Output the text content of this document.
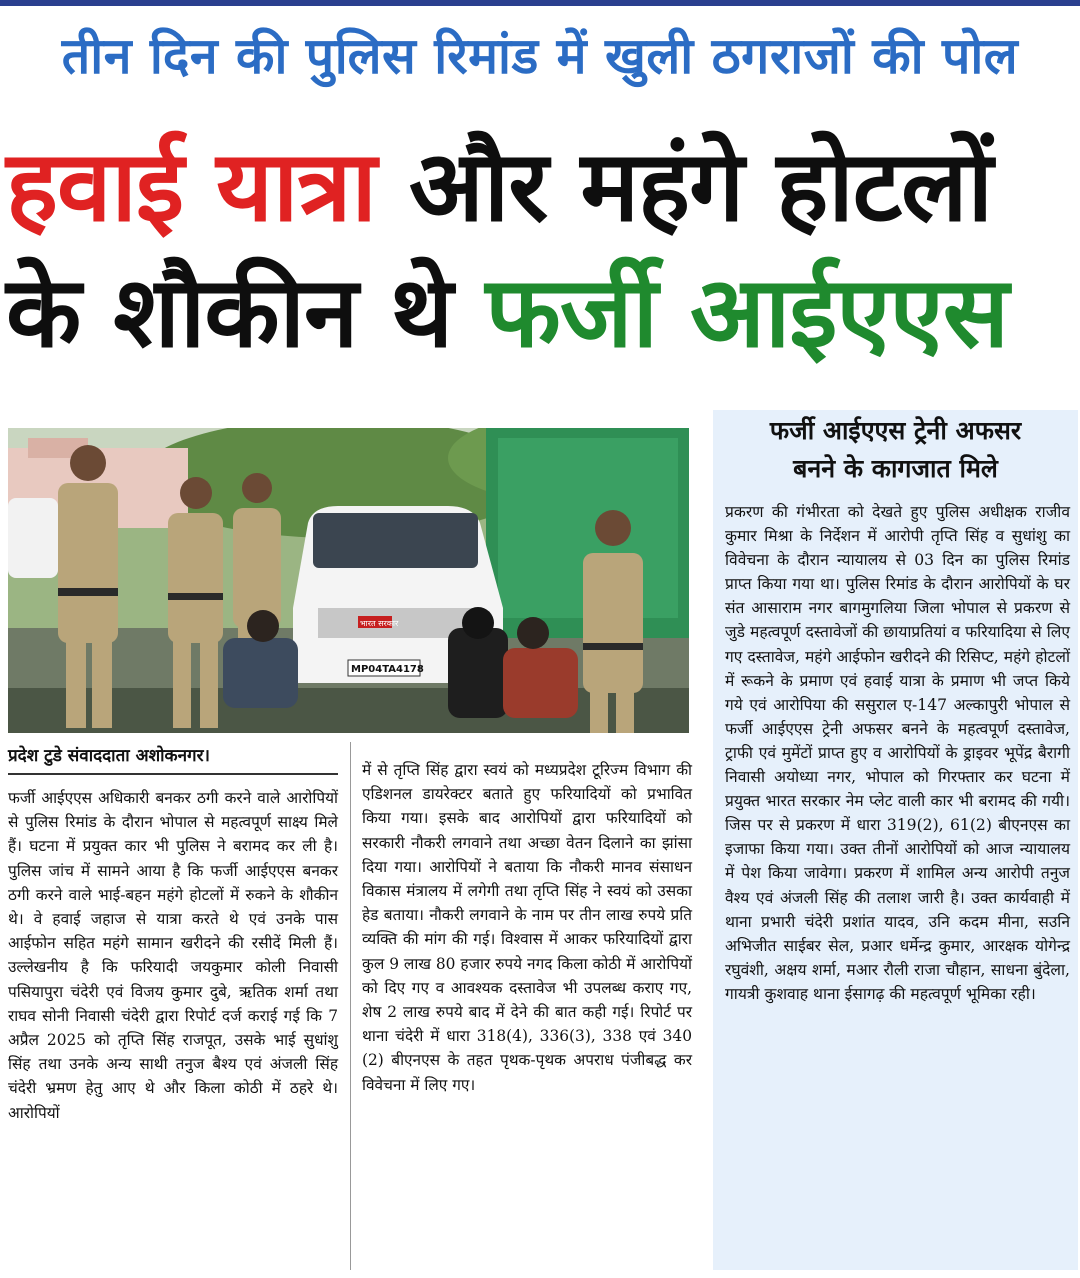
तीन दिन की पुलिस रिमांड में खुली ठगराजों की पोल
हवाई यात्रा और महंगे होटलों
के शौकीन थे फर्जी आईएएस
भारत सरकार
MP04TA4178
फर्जी आईएएस ट्रेनी अफसर
बनने के कागजात मिले
प्रकरण की गंभीरता को देखते हुए पुलिस अधीक्षक राजीव कुमार मिश्रा के निर्देशन में आरोपी तृप्ति सिंह व सुधांशु का विवेचना के दौरान न्यायालय से 03 दिन का पुलिस रिमांड प्राप्त किया गया था। पुलिस रिमांड के दौरान आरोपियों के घर संत आसाराम नगर बागमुगलिया जिला भोपाल से प्रकरण से जुडे महत्वपूर्ण दस्तावेजों की छायाप्रतियां व फरियादिया से लिए गए दस्तावेज, महंगे आईफोन खरीदने की रिसिप्ट, महंगे होटलों में रूकने के प्रमाण एवं हवाई यात्रा के प्रमाण भी जप्त किये गये एवं आरोपिया की ससुराल ए-147 अल्कापुरी भोपाल से फर्जी आईएएस ट्रेनी अफसर बनने के महत्वपूर्ण दस्तावेज, ट्राफी एवं मुमेंटों प्राप्त हुए व आरोपियों के ड्राइवर भूपेंद्र बैरागी निवासी अयोध्या नगर, भोपाल को गिरफ्तार कर घटना में प्रयुक्त भारत सरकार नेम प्लेट वाली कार भी बरामद की गयी। जिस पर से प्रकरण में धारा 319(2), 61(2) बीएनएस का इजाफा किया गया। उक्त तीनों आरोपियों को आज न्यायालय में पेश किया जावेगा। प्रकरण में शामिल अन्य आरोपी तनुज वैश्य एवं अंजली सिंह की तलाश जारी है। उक्त कार्यवाही में थाना प्रभारी चंदेरी प्रशांत यादव, उनि कदम मीना, सउनि अभिजीत साईबर सेल, प्रआर धर्मेन्द्र कुमार, आरक्षक योगेन्द्र रघुवंशी, अक्षय शर्मा, मआर रौली राजा चौहान, साधना बुंदेला, गायत्री कुशवाह थाना ईसागढ़ की महत्वपूर्ण भूमिका रही।
प्रदेश टुडे संवाददाता अशोकनगर।
फर्जी आईएएस अधिकारी बनकर ठगी करने वाले आरोपियों से पुलिस रिमांड के दौरान भोपाल से महत्वपूर्ण साक्ष्य मिले हैं। घटना में प्रयुक्त कार भी पुलिस ने बरामद कर ली है। पुलिस जांच में सामने आया है कि फर्जी आईएएस बनकर ठगी करने वाले भाई-बहन महंगे होटलों में रुकने के शौकीन थे। वे हवाई जहाज से यात्रा करते थे एवं उनके पास आईफोन सहित महंगे सामान खरीदने की रसीदें मिली हैं। उल्लेखनीय है कि फरियादी जयकुमार कोली निवासी पसियापुरा चंदेरी एवं विजय कुमार दुबे, ऋतिक शर्मा तथा राघव सोनी निवासी चंदेरी द्वारा रिपोर्ट दर्ज कराई गई कि 7 अप्रैल 2025 को तृप्ति सिंह राजपूत, उसके भाई सुधांशु सिंह तथा उनके अन्य साथी तनुज बैश्य एवं अंजली सिंह चंदेरी भ्रमण हेतु आए थे और किला कोठी में ठहरे थे। आरोपियों
में से तृप्ति सिंह द्वारा स्वयं को मध्यप्रदेश टूरिज्म विभाग की एडिशनल डायरेक्टर बताते हुए फरियादियों को प्रभावित किया गया। इसके बाद आरोपियों द्वारा फरियादियों को सरकारी नौकरी लगवाने तथा अच्छा वेतन दिलाने का झांसा दिया गया। आरोपियों ने बताया कि नौकरी मानव संसाधन विकास मंत्रालय में लगेगी तथा तृप्ति सिंह ने स्वयं को उसका हेड बताया। नौकरी लगवाने के नाम पर तीन लाख रुपये प्रति व्यक्ति की मांग की गई। विश्वास में आकर फरियादियों द्वारा कुल 9 लाख 80 हजार रुपये नगद किला कोठी में आरोपियों को दिए गए व आवश्यक दस्तावेज भी उपलब्ध कराए गए, शेष 2 लाख रुपये बाद में देने की बात कही गई। रिपोर्ट पर थाना चंदेरी में धारा 318(4), 336(3), 338 एवं 340 (2) बीएनएस के तहत पृथक-पृथक अपराध पंजीबद्ध कर विवेचना में लिए गए।
